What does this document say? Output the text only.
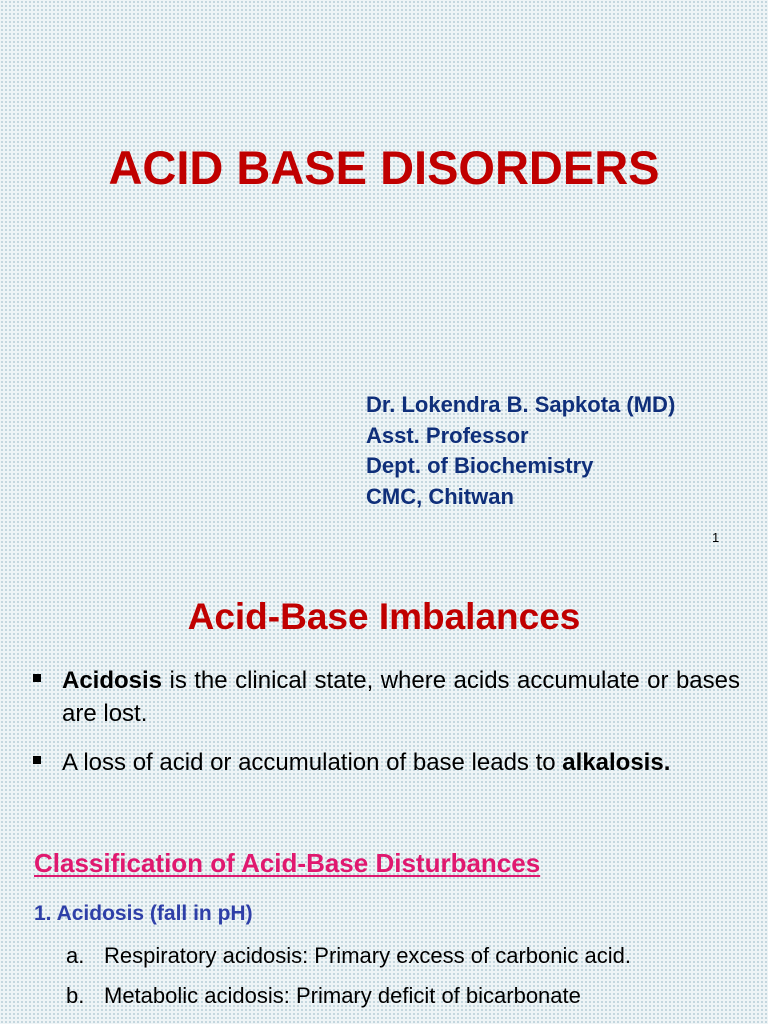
ACID BASE DISORDERS
Dr. Lokendra B. Sapkota (MD)
Asst. Professor
Dept. of Biochemistry
CMC, Chitwan
1
Acid-Base Imbalances
Acidosis is the clinical state, where acids accumulate or bases are lost.
A loss of acid or accumulation of base leads to alkalosis.
Classification of Acid-Base Disturbances
1. Acidosis (fall in pH)
a. Respiratory acidosis: Primary excess of carbonic acid.
b. Metabolic acidosis: Primary deficit of bicarbonate
